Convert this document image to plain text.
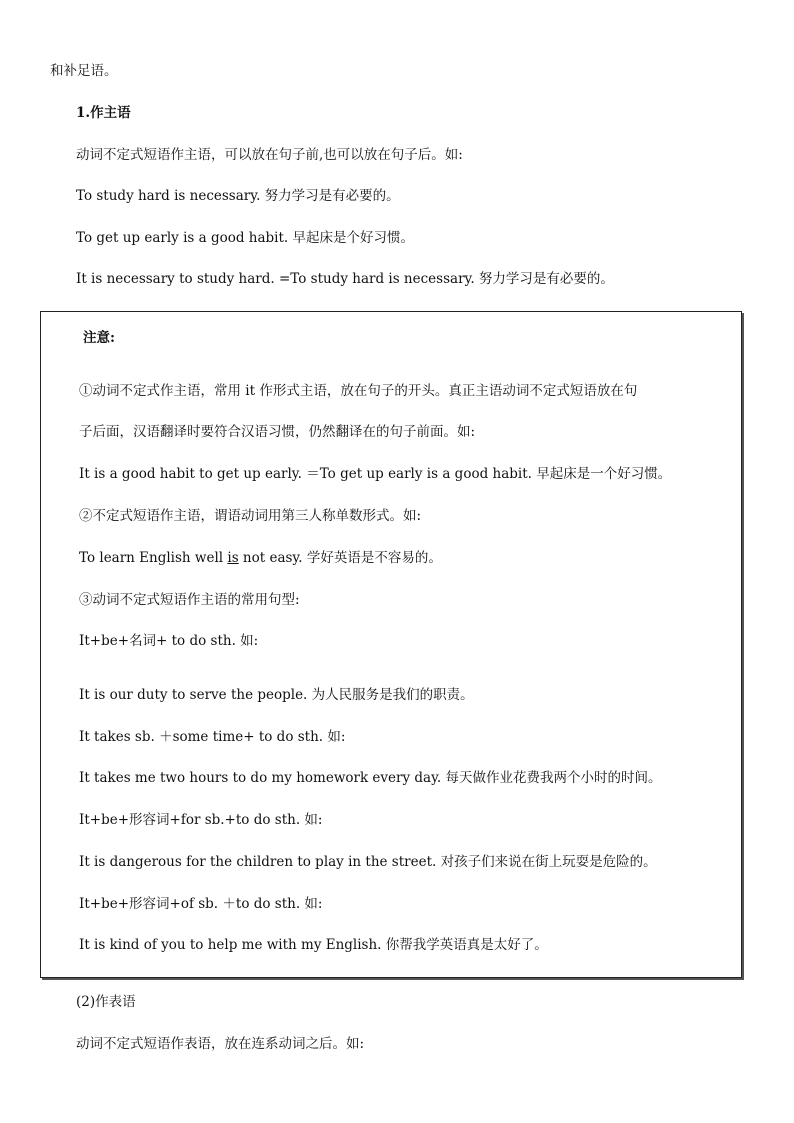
和补足语。
1.作主语
动词不定式短语作主语，可以放在句子前,也可以放在句子后。如:
To study hard is necessary. 努力学习是有必要的。
To get up early is a good habit. 早起床是个好习惯。
It is necessary to study hard. =To study hard is necessary. 努力学习是有必要的。
注意:
①动词不定式作主语，常用 it 作形式主语，放在句子的开头。真正主语动词不定式短语放在句
子后面，汉语翻译时要符合汉语习惯，仍然翻译在的句子前面。如:
It is a good habit to get up early. ＝To get up early is a good habit. 早起床是一个好习惯。
②不定式短语作主语，谓语动词用第三人称单数形式。如:
To learn English well is not easy. 学好英语是不容易的。
③动词不定式短语作主语的常用句型:
It+be+名词+ to do sth. 如:
It is our duty to serve the people. 为人民服务是我们的职责。
It takes sb. ＋some time+ to do sth. 如:
It takes me two hours to do my homework every day. 每天做作业花费我两个小时的时间。
It+be+形容词+for sb.+to do sth. 如:
It is dangerous for the children to play in the street. 对孩子们来说在街上玩耍是危险的。
It+be+形容词+of sb. ＋to do sth. 如:
It is kind of you to help me with my English. 你帮我学英语真是太好了。
(2)作表语
动词不定式短语作表语，放在连系动词之后。如:
